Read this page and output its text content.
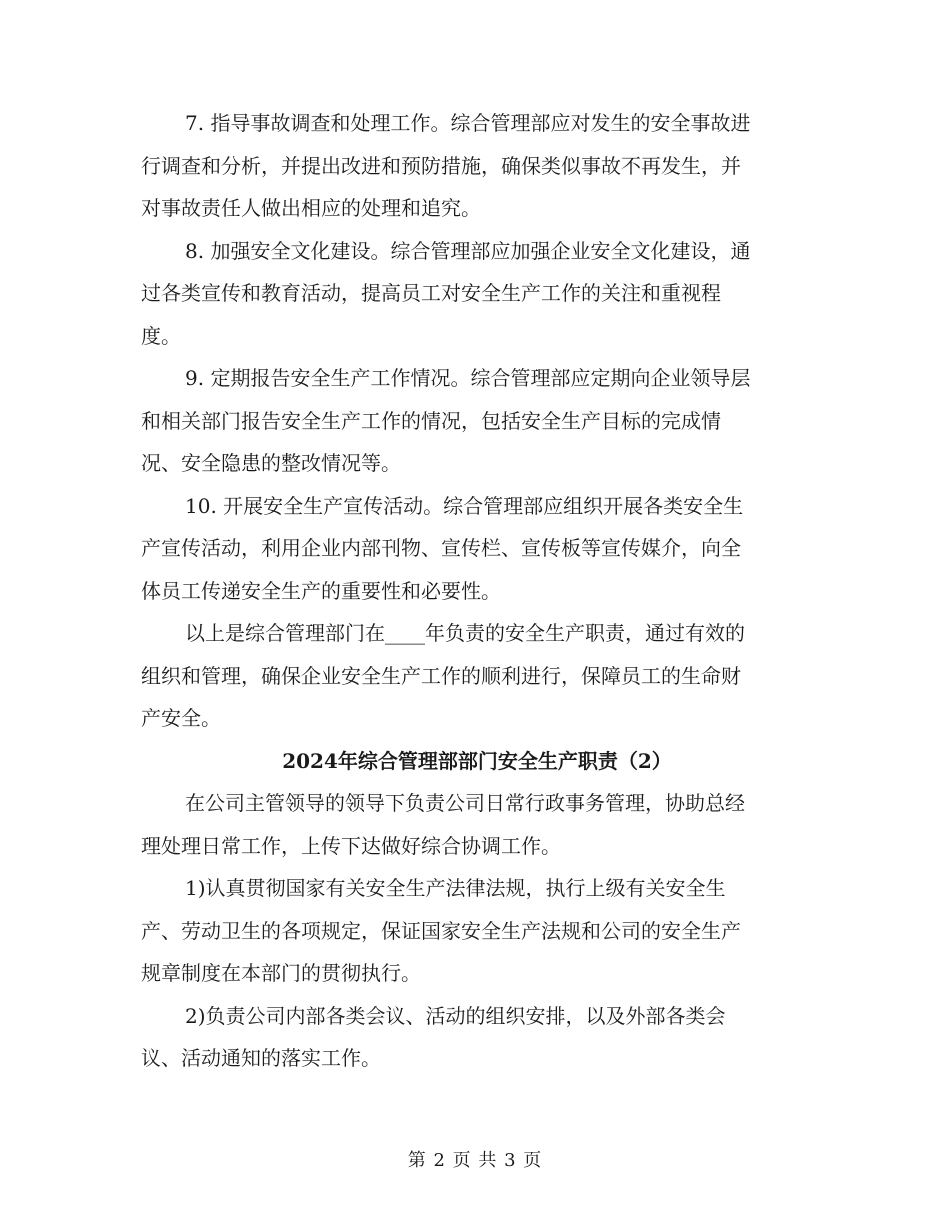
7. 指导事故调查和处理工作。综合管理部应对发生的安全事故进
行调查和分析，并提出改进和预防措施，确保类似事故不再发生，并
对事故责任人做出相应的处理和追究。

8. 加强安全文化建设。综合管理部应加强企业安全文化建设，通
过各类宣传和教育活动，提高员工对安全生产工作的关注和重视程
度。

9. 定期报告安全生产工作情况。综合管理部应定期向企业领导层
和相关部门报告安全生产工作的情况，包括安全生产目标的完成情
况、安全隐患的整改情况等。

10. 开展安全生产宣传活动。综合管理部应组织开展各类安全生
产宣传活动，利用企业内部刊物、宣传栏、宣传板等宣传媒介，向全
体员工传递安全生产的重要性和必要性。

以上是综合管理部门在____年负责的安全生产职责，通过有效的
组织和管理，确保企业安全生产工作的顺利进行，保障员工的生命财
产安全。

2024年综合管理部部门安全生产职责（2）

在公司主管领导的领导下负责公司日常行政事务管理，协助总经
理处理日常工作，上传下达做好综合协调工作。

1)认真贯彻国家有关安全生产法律法规，执行上级有关安全生
产、劳动卫生的各项规定，保证国家安全生产法规和公司的安全生产
规章制度在本部门的贯彻执行。

2)负责公司内部各类会议、活动的组织安排，以及外部各类会
议、活动通知的落实工作。

第 2 页 共 3 页
